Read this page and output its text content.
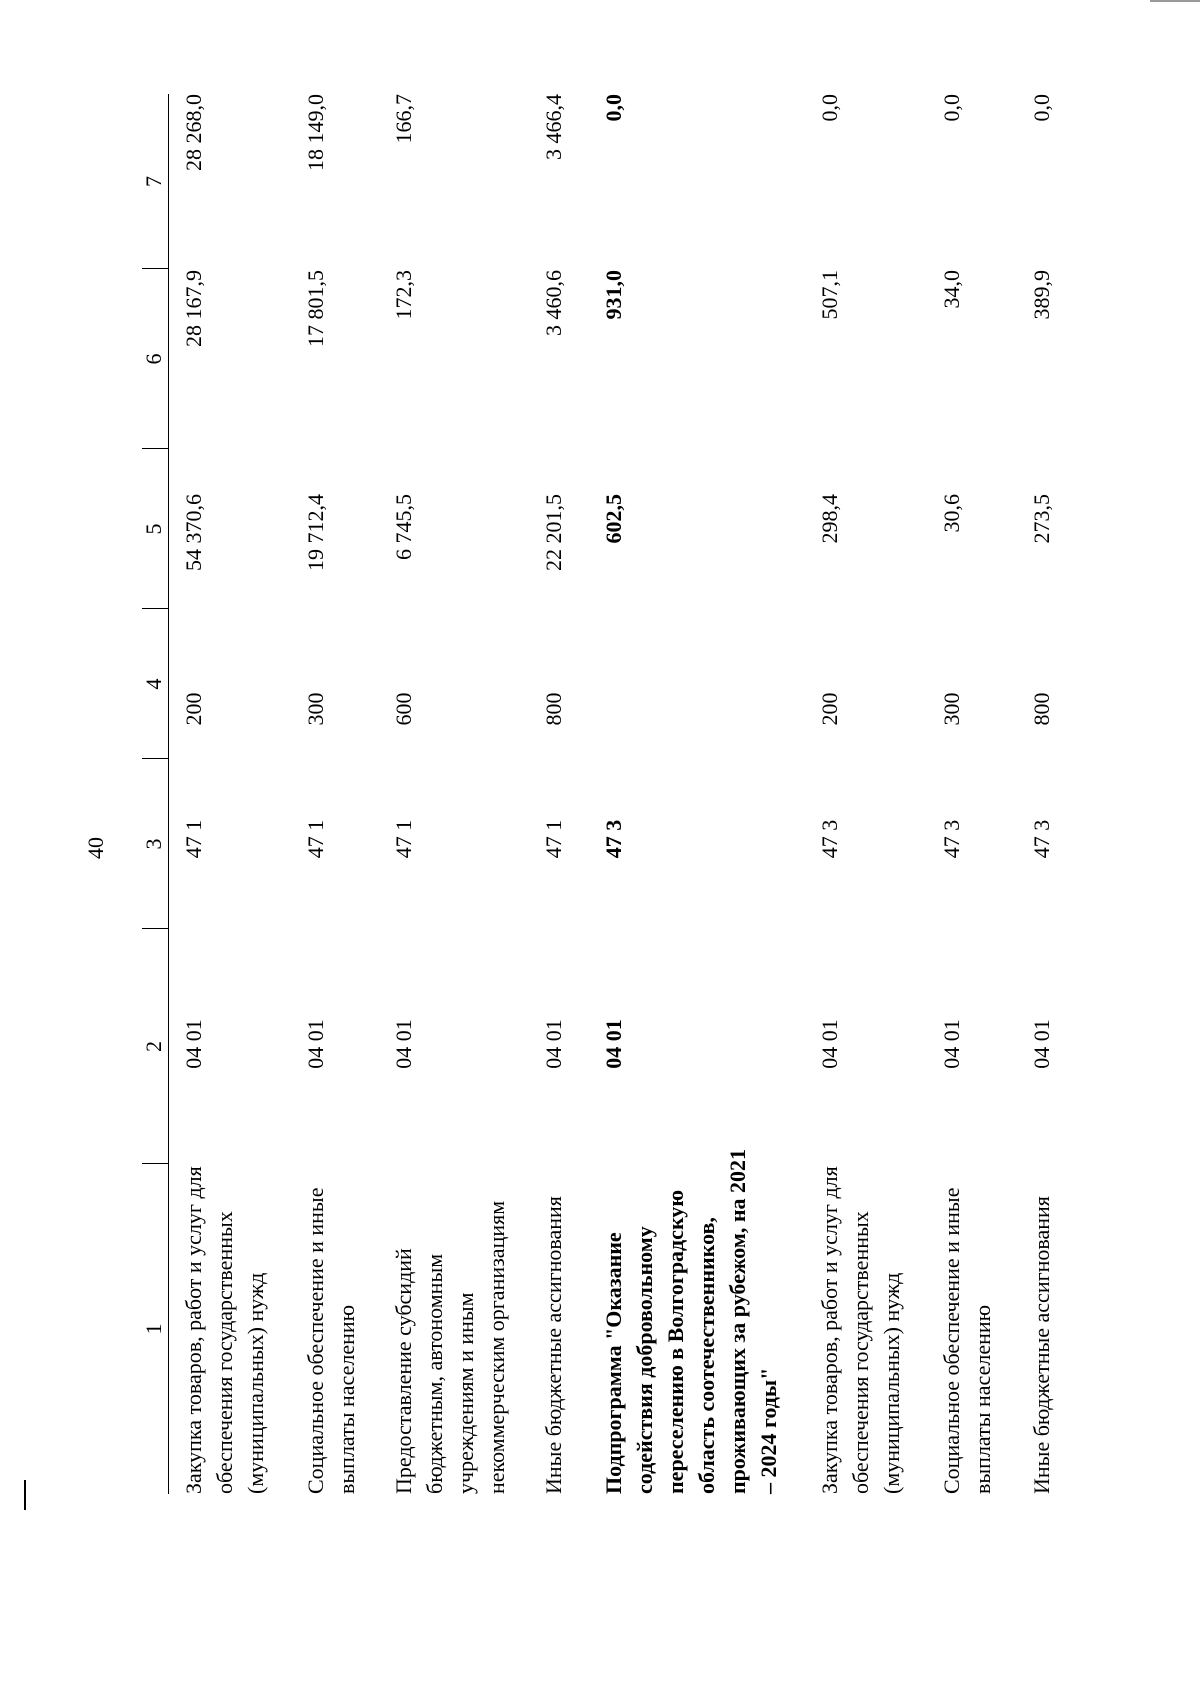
40
1
2
3
4
5
6
7
Закупка товаров, работ и услуг для обеспечения государственных (муниципальных) нужд
04 01
47 1
200
54 370,6
28 167,9
28 268,0
Социальное обеспечение и иные выплаты населению
04 01
47 1
300
19 712,4
17 801,5
18 149,0
Предоставление субсидий бюджетным, автономным учреждениям и иным некоммерческим организациям
04 01
47 1
600
6 745,5
172,3
166,7
Иные бюджетные ассигнования
04 01
47 1
800
22 201,5
3 460,6
3 466,4
Подпрограмма "Оказание содействия добровольному переселению в Волгоградскую область соотечественников, проживающих за рубежом, на 2021 – 2024 годы"
04 01
47 3
602,5
931,0
0,0
Закупка товаров, работ и услуг для обеспечения государственных (муниципальных) нужд
04 01
47 3
200
298,4
507,1
0,0
Социальное обеспечение и иные выплаты населению
04 01
47 3
300
30,6
34,0
0,0
Иные бюджетные ассигнования
04 01
47 3
800
273,5
389,9
0,0
